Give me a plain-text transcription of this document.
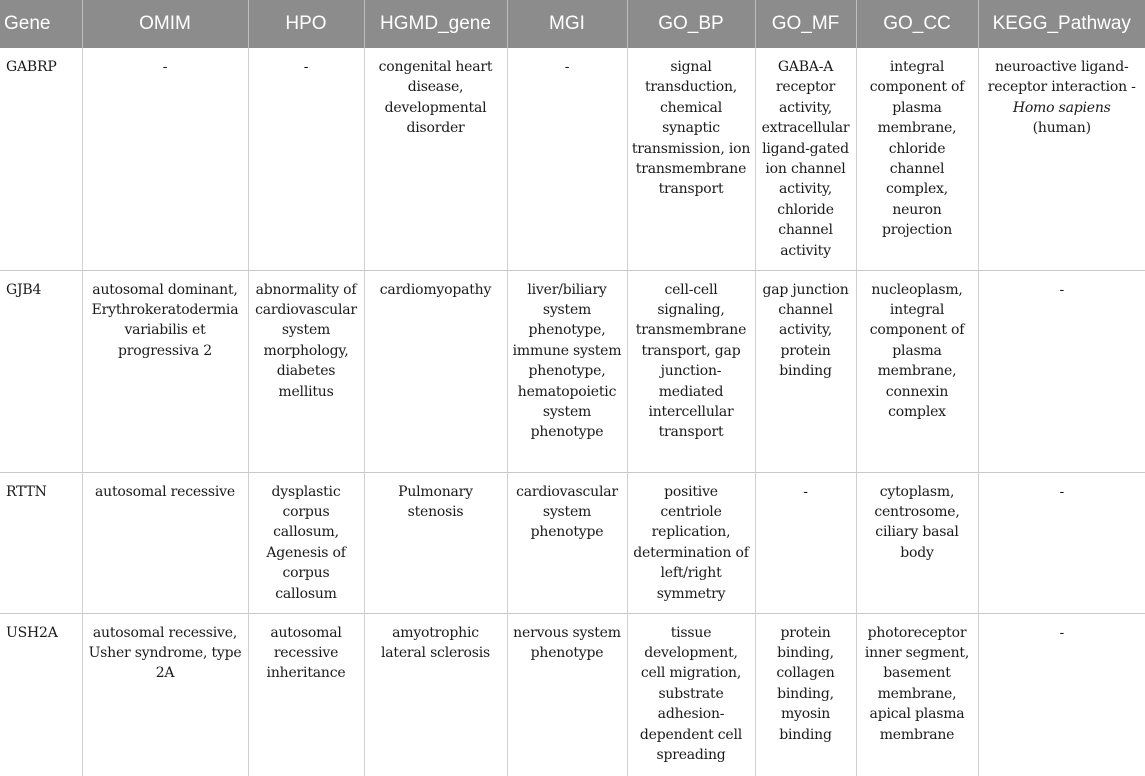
Gene	OMIM	HPO	HGMD_gene	MGI	GO_BP	GO_MF	GO_CC	KEGG_Pathway
GABRP	-	-	congenital heart disease, developmental disorder	-	signal transduction, chemical synaptic transmission, ion transmembrane transport	GABA-A receptor activity, extracellular ligand-gated ion channel activity, chloride channel activity	integral component of plasma membrane, chloride channel complex, neuron projection	neuroactive ligand-receptor interaction - Homo sapiens (human)
GJB4	autosomal dominant, Erythrokeratodermia variabilis et progressiva 2	abnormality of cardiovascular system morphology, diabetes mellitus	cardiomyopathy	liver/biliary system phenotype, immune system phenotype, hematopoietic system phenotype	cell-cell signaling, transmembrane transport, gap junction-mediated intercellular transport	gap junction channel activity, protein binding	nucleoplasm, integral component of plasma membrane, connexin complex	-
RTTN	autosomal recessive	dysplastic corpus callosum, Agenesis of corpus callosum	Pulmonary stenosis	cardiovascular system phenotype	positive centriole replication, determination of left/right symmetry	-	cytoplasm, centrosome, ciliary basal body	-
USH2A	autosomal recessive, Usher syndrome, type 2A	autosomal recessive inheritance	amyotrophic lateral sclerosis	nervous system phenotype	tissue development, cell migration, substrate adhesion-dependent cell spreading	protein binding, collagen binding, myosin binding	photoreceptor inner segment, basement membrane, apical plasma membrane	-
